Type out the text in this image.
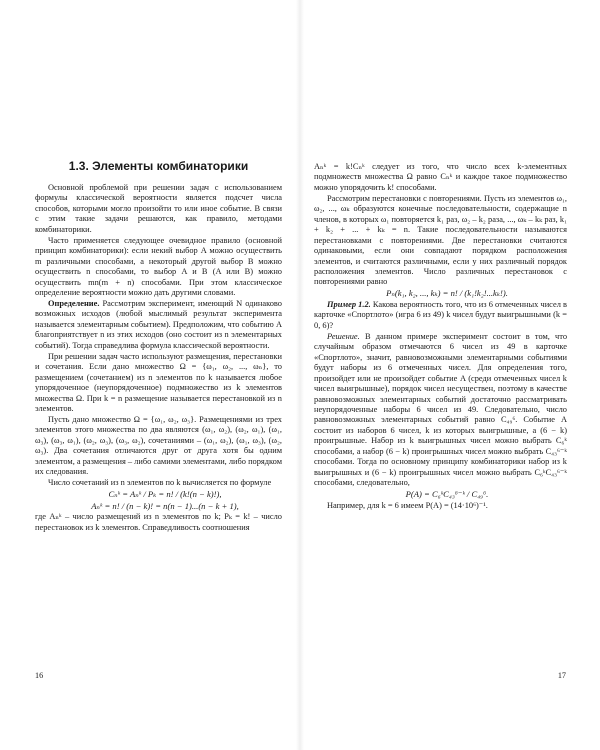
1.3. Элементы комбинаторики

Основной проблемой при решении задач с использованием формулы классической вероятности является подсчет числа способов, которыми могло произойти то или иное событие. В связи с этим такие задачи решаются, как правило, методами комбинаторики.

Часто применяется следующее очевидное правило (основной принцип комбинаторики): если некий выбор A можно осуществить m различными способами, а некоторый другой выбор B можно осуществить n способами, то выбор A и B (A или B) можно осуществить mn(m + n) способами. При этом классическое определение вероятности можно дать другими словами.

Определение. Рассмотрим эксперимент, имеющий N одинаково возможных исходов (любой мыслимый результат эксперимента называется элементарным событием). Предположим, что событию A благоприятствует n из этих исходов (оно состоит из n элементарных событий). Тогда справедлива формула классической вероятности.

При решении задач часто используют размещения, перестановки и сочетания. Если дано множество Ω = {ω₁, ω₂, ..., ωₙ}, то размещением (сочетанием) из n элементов по k называется любое упорядоченное (неупорядоченное) подмножество из k элементов множества Ω. При k = n размещение называется перестановкой из n элементов.

Пусть дано множество Ω = {ω₁, ω₂, ω₃}. Размещениями из трех элементов этого множества по два являются (ω₁, ω₂), (ω₂, ω₁), (ω₁, ω₃), (ω₃, ω₁), (ω₂, ω₃), (ω₃, ω₂), сочетаниями – (ω₁, ω₂), (ω₁, ω₃), (ω₂, ω₃). Два сочетания отличаются друг от друга хотя бы одним элементом, а размещения – либо самими элементами, либо порядком их следования.

Число сочетаний из n элементов по k вычисляется по формуле

Cₙᵏ = Aₙᵏ / Pₖ = n! / (k!(n − k)!),

Aₙᵏ = n! / (n − k)! = n(n − 1)...(n − k + 1),

где Aₙᵏ – число размещений из n элементов по k; Pₖ = k! – число перестановок из k элементов. Справедливость соотношения

16

Aₙᵏ = k!Cₙᵏ следует из того, что число всех k-элементных подмножеств множества Ω равно Cₙᵏ и каждое такое подмножество можно упорядочить k! способами.

Рассмотрим перестановки с повторениями. Пусть из элементов ω₁, ω₂, ..., ωₖ образуются конечные последовательности, содержащие n членов, в которых ω₁ повторяется k₁ раз, ω₂ – k₂ раза, ..., ωₖ – kₖ раз, k₁ + k₂ + ... + kₖ = n. Такие последовательности называются перестановками с повторениями. Две перестановки считаются одинаковыми, если они совпадают порядком расположения элементов, и считаются различными, если у них различный порядок расположения элементов. Число различных перестановок с повторениями равно

Pₙ(k₁, k₂, ..., kₖ) = n! / (k₁!k₂!...kₖ!).

Пример 1.2. Какова вероятность того, что из 6 отмеченных чисел в карточке «Спортлото» (игра 6 из 49) k чисел будут выигрышными (k = 0, 6)?

Решение. В данном примере эксперимент состоит в том, что случайным образом отмечаются 6 чисел из 49 в карточке «Спортлото», значит, равновозможными элементарными событиями будут наборы из 6 отмеченных чисел. Для определения того, произойдет или не произойдет событие A (среди отмеченных чисел k чисел выигрышные), порядок чисел несуществен, поэтому в качестве равновозможных элементарных событий достаточно рассматривать неупорядоченные наборы 6 чисел из 49. Следовательно, число равновозможных элементарных событий равно C₄₉⁶. Событие A состоит из наборов 6 чисел, k из которых выигрышные, а (6 − k) проигрышные. Набор из k выигрышных чисел можно выбрать C₆ᵏ способами, а набор (6 − k) проигрышных чисел можно выбрать C₄₃⁶⁻ᵏ способами. Тогда по основному принципу комбинаторики набор из k выигрышных и (6 − k) проигрышных чисел можно выбрать C₆ᵏC₄₃⁶⁻ᵏ способами, следовательно,

P(A) = C₆ᵏC₄₃⁶⁻ᵏ / C₄₉⁶.

Например, для k = 6 имеем P(A) = (14·10⁶)⁻¹.

17
